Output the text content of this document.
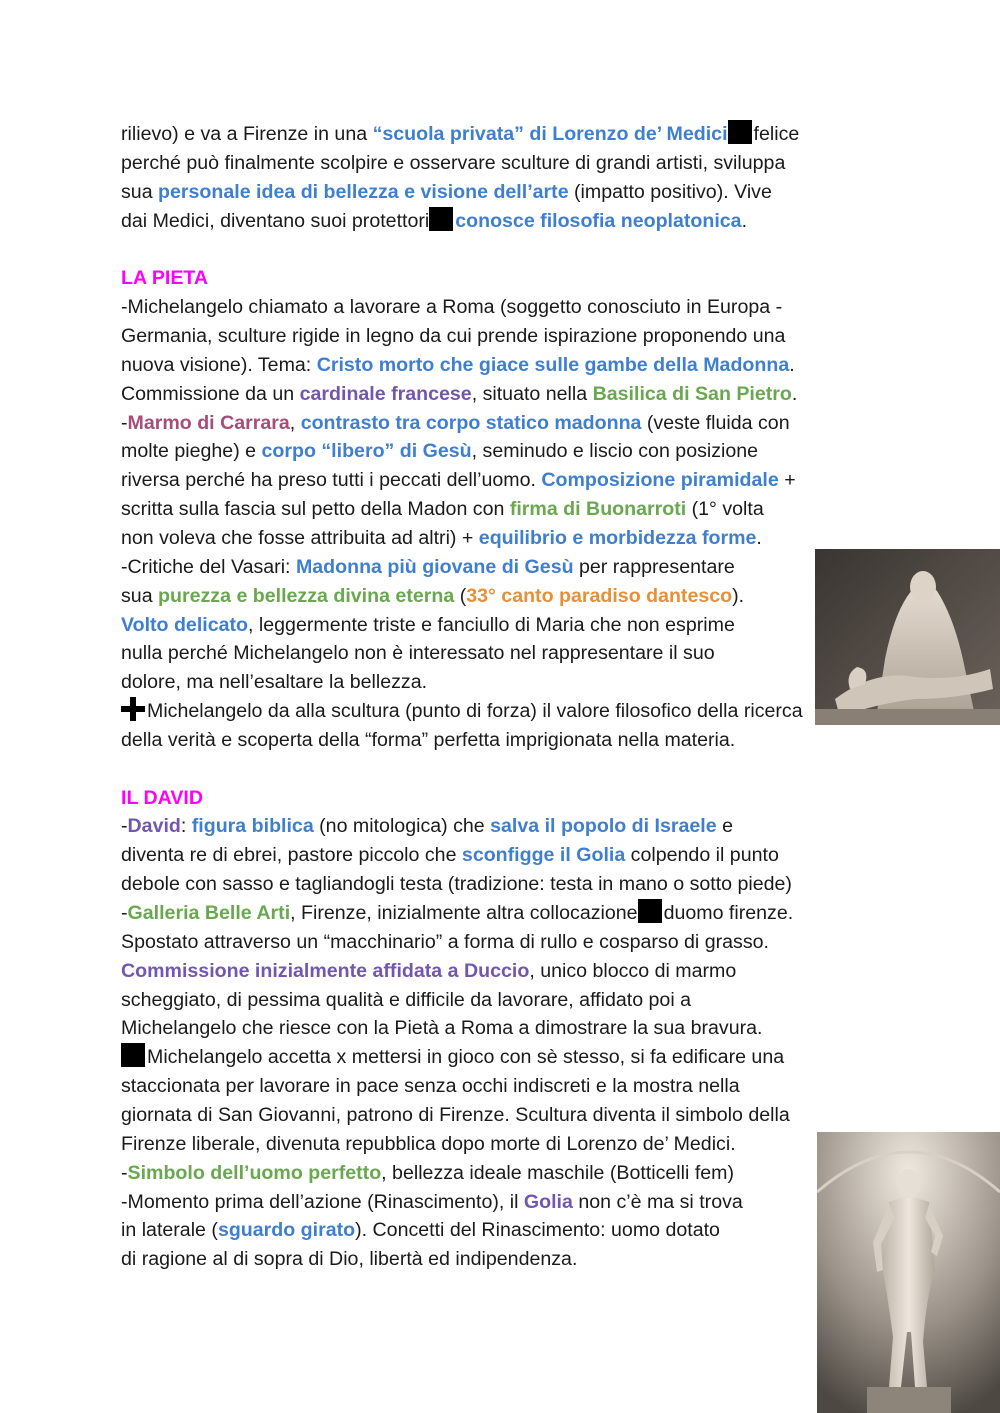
rilievo) e va a Firenze in una “scuola privata” di Lorenzo de’ Medici felice
perché può finalmente scolpire e osservare sculture di grandi artisti, sviluppa
sua personale idea di bellezza e visione dell’arte (impatto positivo). Vive
dai Medici, diventano suoi protettori conosce filosofia neoplatonica.
LA PIETA
-Michelangelo chiamato a lavorare a Roma (soggetto conosciuto in Europa -
Germania, sculture rigide in legno da cui prende ispirazione proponendo una
nuova visione). Tema: Cristo morto che giace sulle gambe della Madonna.
Commissione da un cardinale francese, situato nella Basilica di San Pietro.
-Marmo di Carrara, contrasto tra corpo statico madonna (veste fluida con
molte pieghe) e corpo “libero” di Gesù, seminudo e liscio con posizione
riversa perché ha preso tutti i peccati dell’uomo. Composizione piramidale +
scritta sulla fascia sul petto della Madon con firma di Buonarroti (1° volta
non voleva che fosse attribuita ad altri) + equilibrio e morbidezza forme.
-Critiche del Vasari: Madonna più giovane di Gesù per rappresentare
sua purezza e bellezza divina eterna (33° canto paradiso dantesco).
Volto delicato, leggermente triste e fanciullo di Maria che non esprime
nulla perché Michelangelo non è interessato nel rappresentare il suo
dolore, ma nell’esaltare la bellezza.
Michelangelo da alla scultura (punto di forza) il valore filosofico della ricerca
della verità e scoperta della “forma” perfetta imprigionata nella materia.
IL DAVID
-David: figura biblica (no mitologica) che salva il popolo di Israele e
diventa re di ebrei, pastore piccolo che sconfigge il Golia colpendo il punto
debole con sasso e tagliandogli testa (tradizione: testa in mano o sotto piede)
-Galleria Belle Arti, Firenze, inizialmente altra collocazione duomo firenze.
Spostato attraverso un “macchinario” a forma di rullo e cosparso di grasso.
Commissione inizialmente affidata a Duccio, unico blocco di marmo
scheggiato, di pessima qualità e difficile da lavorare, affidato poi a
Michelangelo che riesce con la Pietà a Roma a dimostrare la sua bravura.
Michelangelo accetta x mettersi in gioco con sè stesso, si fa edificare una
staccionata per lavorare in pace senza occhi indiscreti e la mostra nella
giornata di San Giovanni, patrono di Firenze. Scultura diventa il simbolo della
Firenze liberale, divenuta repubblica dopo morte di Lorenzo de’ Medici.
-Simbolo dell’uomo perfetto, bellezza ideale maschile (Botticelli fem)
-Momento prima dell’azione (Rinascimento), il Golia non c’è ma si trova
in laterale (sguardo girato). Concetti del Rinascimento: uomo dotato
di ragione al di sopra di Dio, libertà ed indipendenza.
